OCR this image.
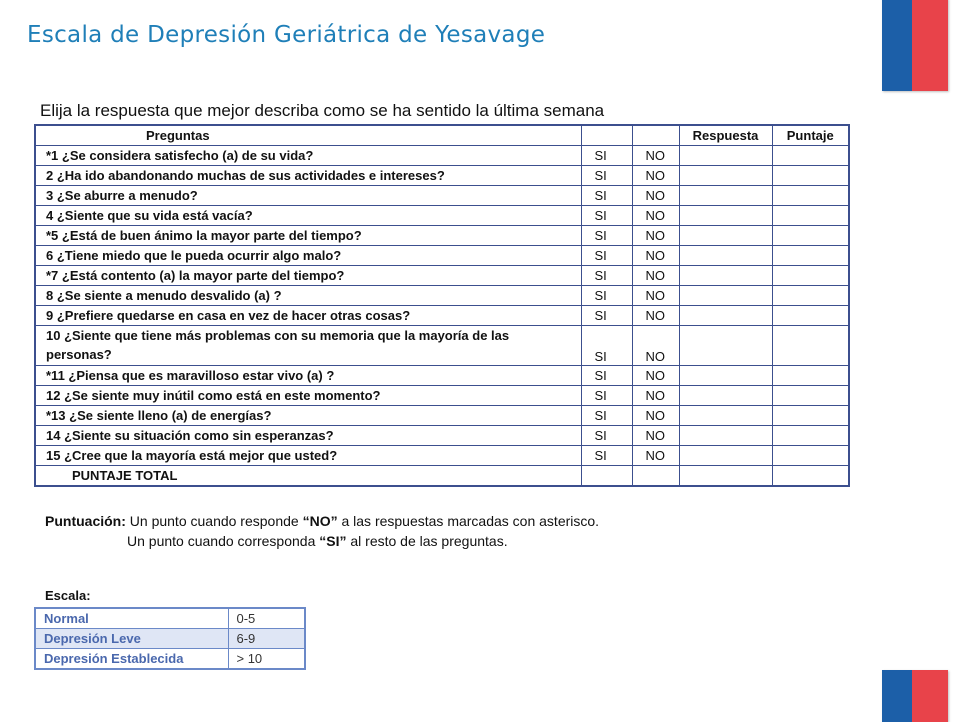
Escala de Depresión Geriátrica de Yesavage
Elija la respuesta que mejor describa como se ha sentido la última semana
Preguntas			Respuesta	Puntaje
*1 ¿Se considera satisfecho (a) de su vida?	SI	NO		
2 ¿Ha ido abandonando muchas de sus actividades e intereses?	SI	NO		
3 ¿Se aburre a menudo?	SI	NO		
4 ¿Siente que su vida está vacía?	SI	NO		
*5 ¿Está de buen ánimo la mayor parte del tiempo?	SI	NO		
6 ¿Tiene miedo que le pueda ocurrir algo malo?	SI	NO		
*7 ¿Está contento (a) la mayor parte del tiempo?	SI	NO		
8 ¿Se siente a menudo desvalido (a) ?	SI	NO		
9 ¿Prefiere quedarse en casa en vez de hacer otras cosas?	SI	NO		
10 ¿Siente que tiene más problemas con su memoria que la mayoría de las personas?	SI	NO		
*11 ¿Piensa que es maravilloso estar vivo (a) ?	SI	NO		
12 ¿Se siente muy inútil como está en este momento?	SI	NO		
*13 ¿Se siente lleno (a) de energías?	SI	NO		
14 ¿Siente su situación como sin esperanzas?	SI	NO		
15 ¿Cree que la mayoría está mejor que usted?	SI	NO		
PUNTAJE TOTAL				
Puntuación: Un punto cuando responde “NO” a las respuestas marcadas con asterisco.
Un punto cuando corresponda “SI” al resto de las preguntas.
Escala:
Normal	0-5
Depresión Leve	6-9
Depresión Establecida	> 10
